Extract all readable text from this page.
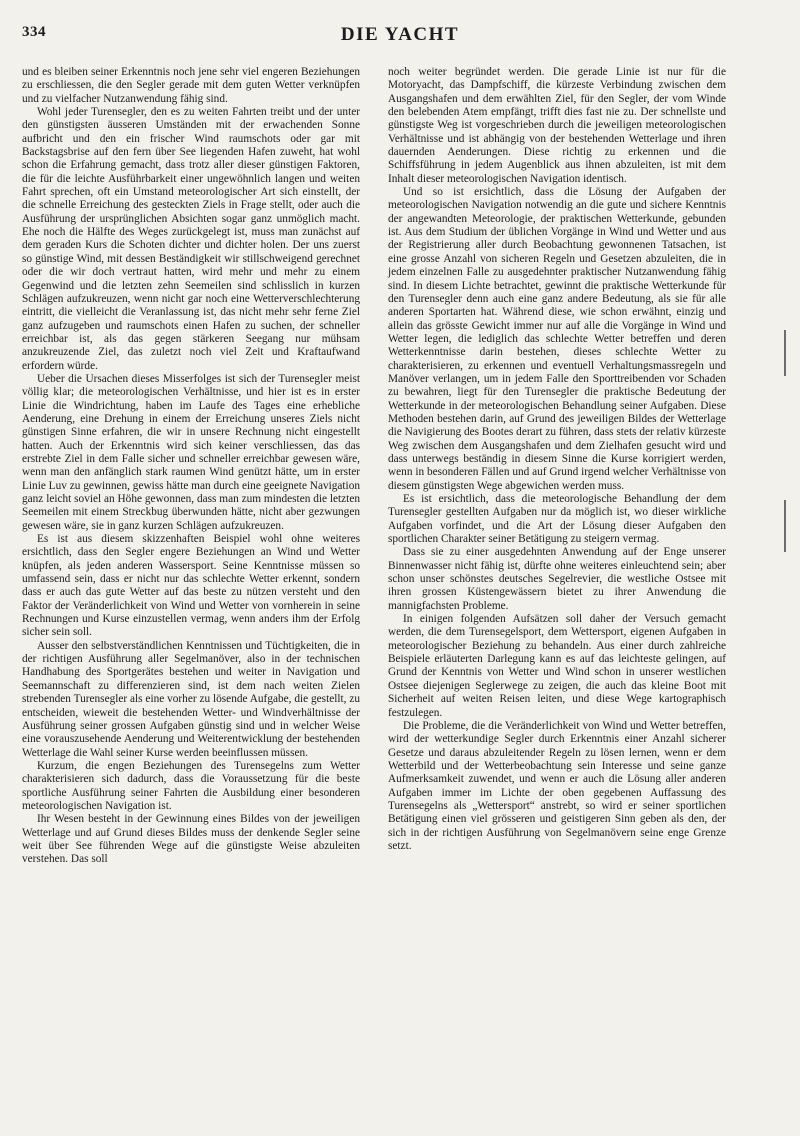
334	DIE YACHT

und es bleiben seiner Erkenntnis noch jene sehr viel engeren Beziehungen zu erschliessen, die den Segler gerade mit dem guten Wetter verknüpfen und zu vielfacher Nutzanwendung fähig sind.

Wohl jeder Turensegler, den es zu weiten Fahrten treibt und der unter den günstigsten äusseren Umständen mit der erwachenden Sonne aufbricht und den ein frischer Wind raumschots oder gar mit Backstagsbrise auf den fern über See liegenden Hafen zuweht, hat wohl schon die Erfahrung gemacht, dass trotz aller dieser günstigen Faktoren, die für die leichte Ausführbarkeit einer ungewöhnlich langen und weiten Fahrt sprechen, oft ein Umstand meteorologischer Art sich einstellt, der die schnelle Erreichung des gesteckten Ziels in Frage stellt, oder auch die Ausführung der ursprünglichen Absichten sogar ganz unmöglich macht. Ehe noch die Hälfte des Weges zurückgelegt ist, muss man zunächst auf dem geraden Kurs die Schoten dichter und dichter holen. Der uns zuerst so günstige Wind, mit dessen Beständigkeit wir stillschweigend gerechnet oder die wir doch vertraut hatten, wird mehr und mehr zu einem Gegenwind und die letzten zehn Seemeilen sind schlisslich in kurzen Schlägen aufzukreuzen, wenn nicht gar noch eine Wetterverschlechterung eintritt, die vielleicht die Veranlassung ist, das nicht mehr sehr ferne Ziel ganz aufzugeben und raumschots einen Hafen zu suchen, der schneller erreichbar ist, als das gegen stärkeren Seegang nur mühsam anzukreuzende Ziel, das zuletzt noch viel Zeit und Kraftaufwand erfordern würde.

Ueber die Ursachen dieses Misserfolges ist sich der Turensegler meist völlig klar; die meteorologischen Verhältnisse, und hier ist es in erster Linie die Windrichtung, haben im Laufe des Tages eine erhebliche Aenderung, eine Drehung in einem der Erreichung unseres Ziels nicht günstigen Sinne erfahren, die wir in unsere Rechnung nicht eingestellt hatten. Auch der Erkenntnis wird sich keiner verschliessen, das das erstrebte Ziel in dem Falle sicher und schneller erreichbar gewesen wäre, wenn man den anfänglich stark raumen Wind genützt hätte, um in erster Linie Luv zu gewinnen, gewiss hätte man durch eine geeignete Navigation ganz leicht soviel an Höhe gewonnen, dass man zum mindesten die letzten Seemeilen mit einem Streckbug überwunden hätte, nicht aber gezwungen gewesen wäre, sie in ganz kurzen Schlägen aufzukreuzen.

Es ist aus diesem skizzenhaften Beispiel wohl ohne weiteres ersichtlich, dass den Segler engere Beziehungen an Wind und Wetter knüpfen, als jeden anderen Wassersport. Seine Kenntnisse müssen so umfassend sein, dass er nicht nur das schlechte Wetter erkennt, sondern dass er auch das gute Wetter auf das beste zu nützen versteht und den Faktor der Veränderlichkeit von Wind und Wetter von vornherein in seine Rechnungen und Kurse einzustellen vermag, wenn anders ihm der Erfolg sicher sein soll.

Ausser den selbstverständlichen Kenntnissen und Tüchtigkeiten, die in der richtigen Ausführung aller Segelmanöver, also in der technischen Handhabung des Sportgerätes bestehen und weiter in Navigation und Seemannschaft zu differenzieren sind, ist dem nach weiten Zielen strebenden Turensegler als eine vorher zu lösende Aufgabe, die gestellt, zu entscheiden, wieweit die bestehenden Wetter- und Windverhältnisse der Ausführung seiner grossen Aufgaben günstig sind und in welcher Weise eine vorauszusehende Aenderung und Weiterentwicklung der bestehenden Wetterlage die Wahl seiner Kurse werden beeinflussen müssen.

Kurzum, die engen Beziehungen des Turensegelns zum Wetter charakterisieren sich dadurch, dass die Voraussetzung für die beste sportliche Ausführung seiner Fahrten die Ausbildung einer besonderen meteorologischen Navigation ist.

Ihr Wesen besteht in der Gewinnung eines Bildes von der jeweiligen Wetterlage und auf Grund dieses Bildes muss der denkende Segler seine weit über See führenden Wege auf die günstigste Weise abzuleiten verstehen. Das soll

noch weiter begründet werden. Die gerade Linie ist nur für die Motoryacht, das Dampfschiff, die kürzeste Verbindung zwischen dem Ausgangshafen und dem erwählten Ziel, für den Segler, der vom Winde den belebenden Atem empfängt, trifft dies fast nie zu. Der schnellste und günstigste Weg ist vorgeschrieben durch die jeweiligen meteorologischen Verhältnisse und ist abhängig von der bestehenden Wetterlage und ihren dauernden Aenderungen. Diese richtig zu erkennen und die Schiffsführung in jedem Augenblick aus ihnen abzuleiten, ist mit dem Inhalt dieser meteorologischen Navigation identisch.

Und so ist ersichtlich, dass die Lösung der Aufgaben der meteorologischen Navigation notwendig an die gute und sichere Kenntnis der angewandten Meteorologie, der praktischen Wetterkunde, gebunden ist. Aus dem Studium der üblichen Vorgänge in Wind und Wetter und aus der Registrierung aller durch Beobachtung gewonnenen Tatsachen, ist eine grosse Anzahl von sicheren Regeln und Gesetzen abzuleiten, die in jedem einzelnen Falle zu ausgedehnter praktischer Nutzanwendung fähig sind. In diesem Lichte betrachtet, gewinnt die praktische Wetterkunde für den Turensegler denn auch eine ganz andere Bedeutung, als sie für alle anderen Sportarten hat. Während diese, wie schon erwähnt, einzig und allein das grösste Gewicht immer nur auf alle die Vorgänge in Wind und Wetter legen, die lediglich das schlechte Wetter betreffen und deren Wetterkenntnisse darin bestehen, dieses schlechte Wetter zu charakterisieren, zu erkennen und eventuell Verhaltungsmassregeln und Manöver verlangen, um in jedem Falle den Sporttreibenden vor Schaden zu bewahren, liegt für den Turensegler die praktische Bedeutung der Wetterkunde in der meteorologischen Behandlung seiner Aufgaben. Diese Methoden bestehen darin, auf Grund des jeweiligen Bildes der Wetterlage die Navigierung des Bootes derart zu führen, dass stets der relativ kürzeste Weg zwischen dem Ausgangshafen und dem Zielhafen gesucht wird und dass unterwegs beständig in diesem Sinne die Kurse korrigiert werden, wenn in besonderen Fällen und auf Grund irgend welcher Verhältnisse von diesem günstigsten Wege abgewichen werden muss.

Es ist ersichtlich, dass die meteorologische Behandlung der dem Turensegler gestellten Aufgaben nur da möglich ist, wo dieser wirkliche Aufgaben vorfindet, und die Art der Lösung dieser Aufgaben den sportlichen Charakter seiner Betätigung zu steigern vermag.

Dass sie zu einer ausgedehnten Anwendung auf der Enge unserer Binnenwasser nicht fähig ist, dürfte ohne weiteres einleuchtend sein; aber schon unser schönstes deutsches Segelrevier, die westliche Ostsee mit ihren grossen Küstengewässern bietet zu ihrer Anwendung die mannigfachsten Probleme.

In einigen folgenden Aufsätzen soll daher der Versuch gemacht werden, die dem Turensegelsport, dem Wettersport, eigenen Aufgaben in meteorologischer Beziehung zu behandeln. Aus einer durch zahlreiche Beispiele erläuterten Darlegung kann es auf das leichteste gelingen, auf Grund der Kenntnis von Wetter und Wind schon in unserer westlichen Ostsee diejenigen Seglerwege zu zeigen, die auch das kleine Boot mit Sicherheit auf weiten Reisen leiten, und diese Wege kartographisch festzulegen.

Die Probleme, die die Veränderlichkeit von Wind und Wetter betreffen, wird der wetterkundige Segler durch Erkenntnis einer Anzahl sicherer Gesetze und daraus abzuleitender Regeln zu lösen lernen, wenn er dem Wetterbild und der Wetterbeobachtung sein Interesse und seine ganze Aufmerksamkeit zuwendet, und wenn er auch die Lösung aller anderen Aufgaben immer im Lichte der oben gegebenen Auffassung des Turensegelns als „Wettersport“ anstrebt, so wird er seiner sportlichen Betätigung einen viel grösseren und geistigeren Sinn geben als den, der sich in der richtigen Ausführung von Segelmanövern seine enge Grenze setzt.
